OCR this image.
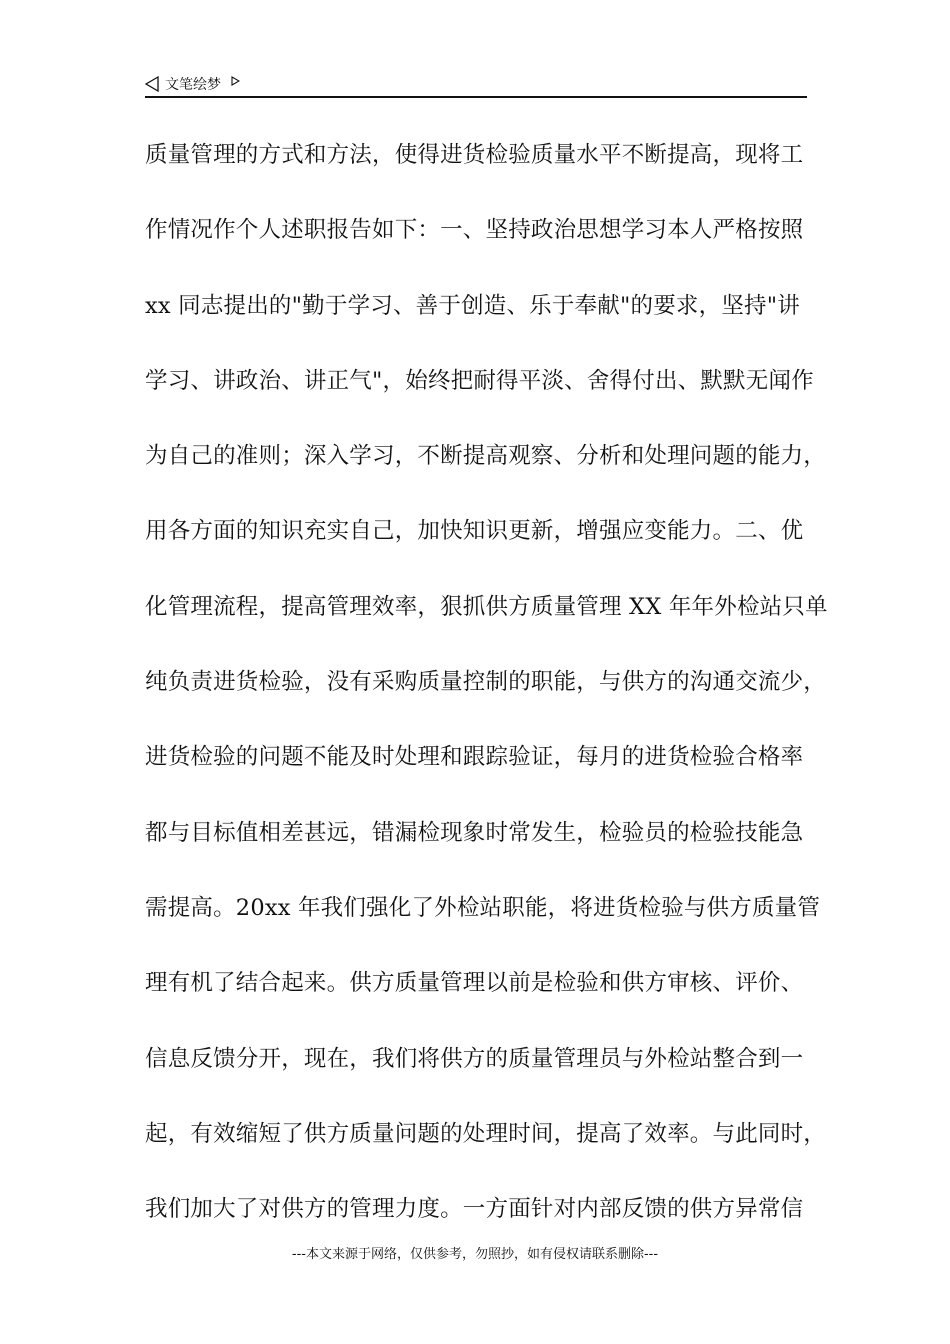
文笔绘梦
质量管理的方式和方法，使得进货检验质量水平不断提高，现将工
作情况作个人述职报告如下：一、坚持政治思想学习本人严格按照
xx 同志提出的"勤于学习、善于创造、乐于奉献"的要求，坚持"讲
学习、讲政治、讲正气"，始终把耐得平淡、舍得付出、默默无闻作
为自己的准则；深入学习，不断提高观察、分析和处理问题的能力，
用各方面的知识充实自己，加快知识更新，增强应变能力。二、优
化管理流程，提高管理效率，狠抓供方质量管理 XX 年年外检站只单
纯负责进货检验，没有采购质量控制的职能，与供方的沟通交流少，
进货检验的问题不能及时处理和跟踪验证，每月的进货检验合格率
都与目标值相差甚远，错漏检现象时常发生，检验员的检验技能急
需提高。20xx 年我们强化了外检站职能，将进货检验与供方质量管
理有机了结合起来。供方质量管理以前是检验和供方审核、评价、
信息反馈分开，现在，我们将供方的质量管理员与外检站整合到一
起，有效缩短了供方质量问题的处理时间，提高了效率。与此同时，
我们加大了对供方的管理力度。一方面针对内部反馈的供方异常信
---本文来源于网络，仅供参考，勿照抄，如有侵权请联系删除---
